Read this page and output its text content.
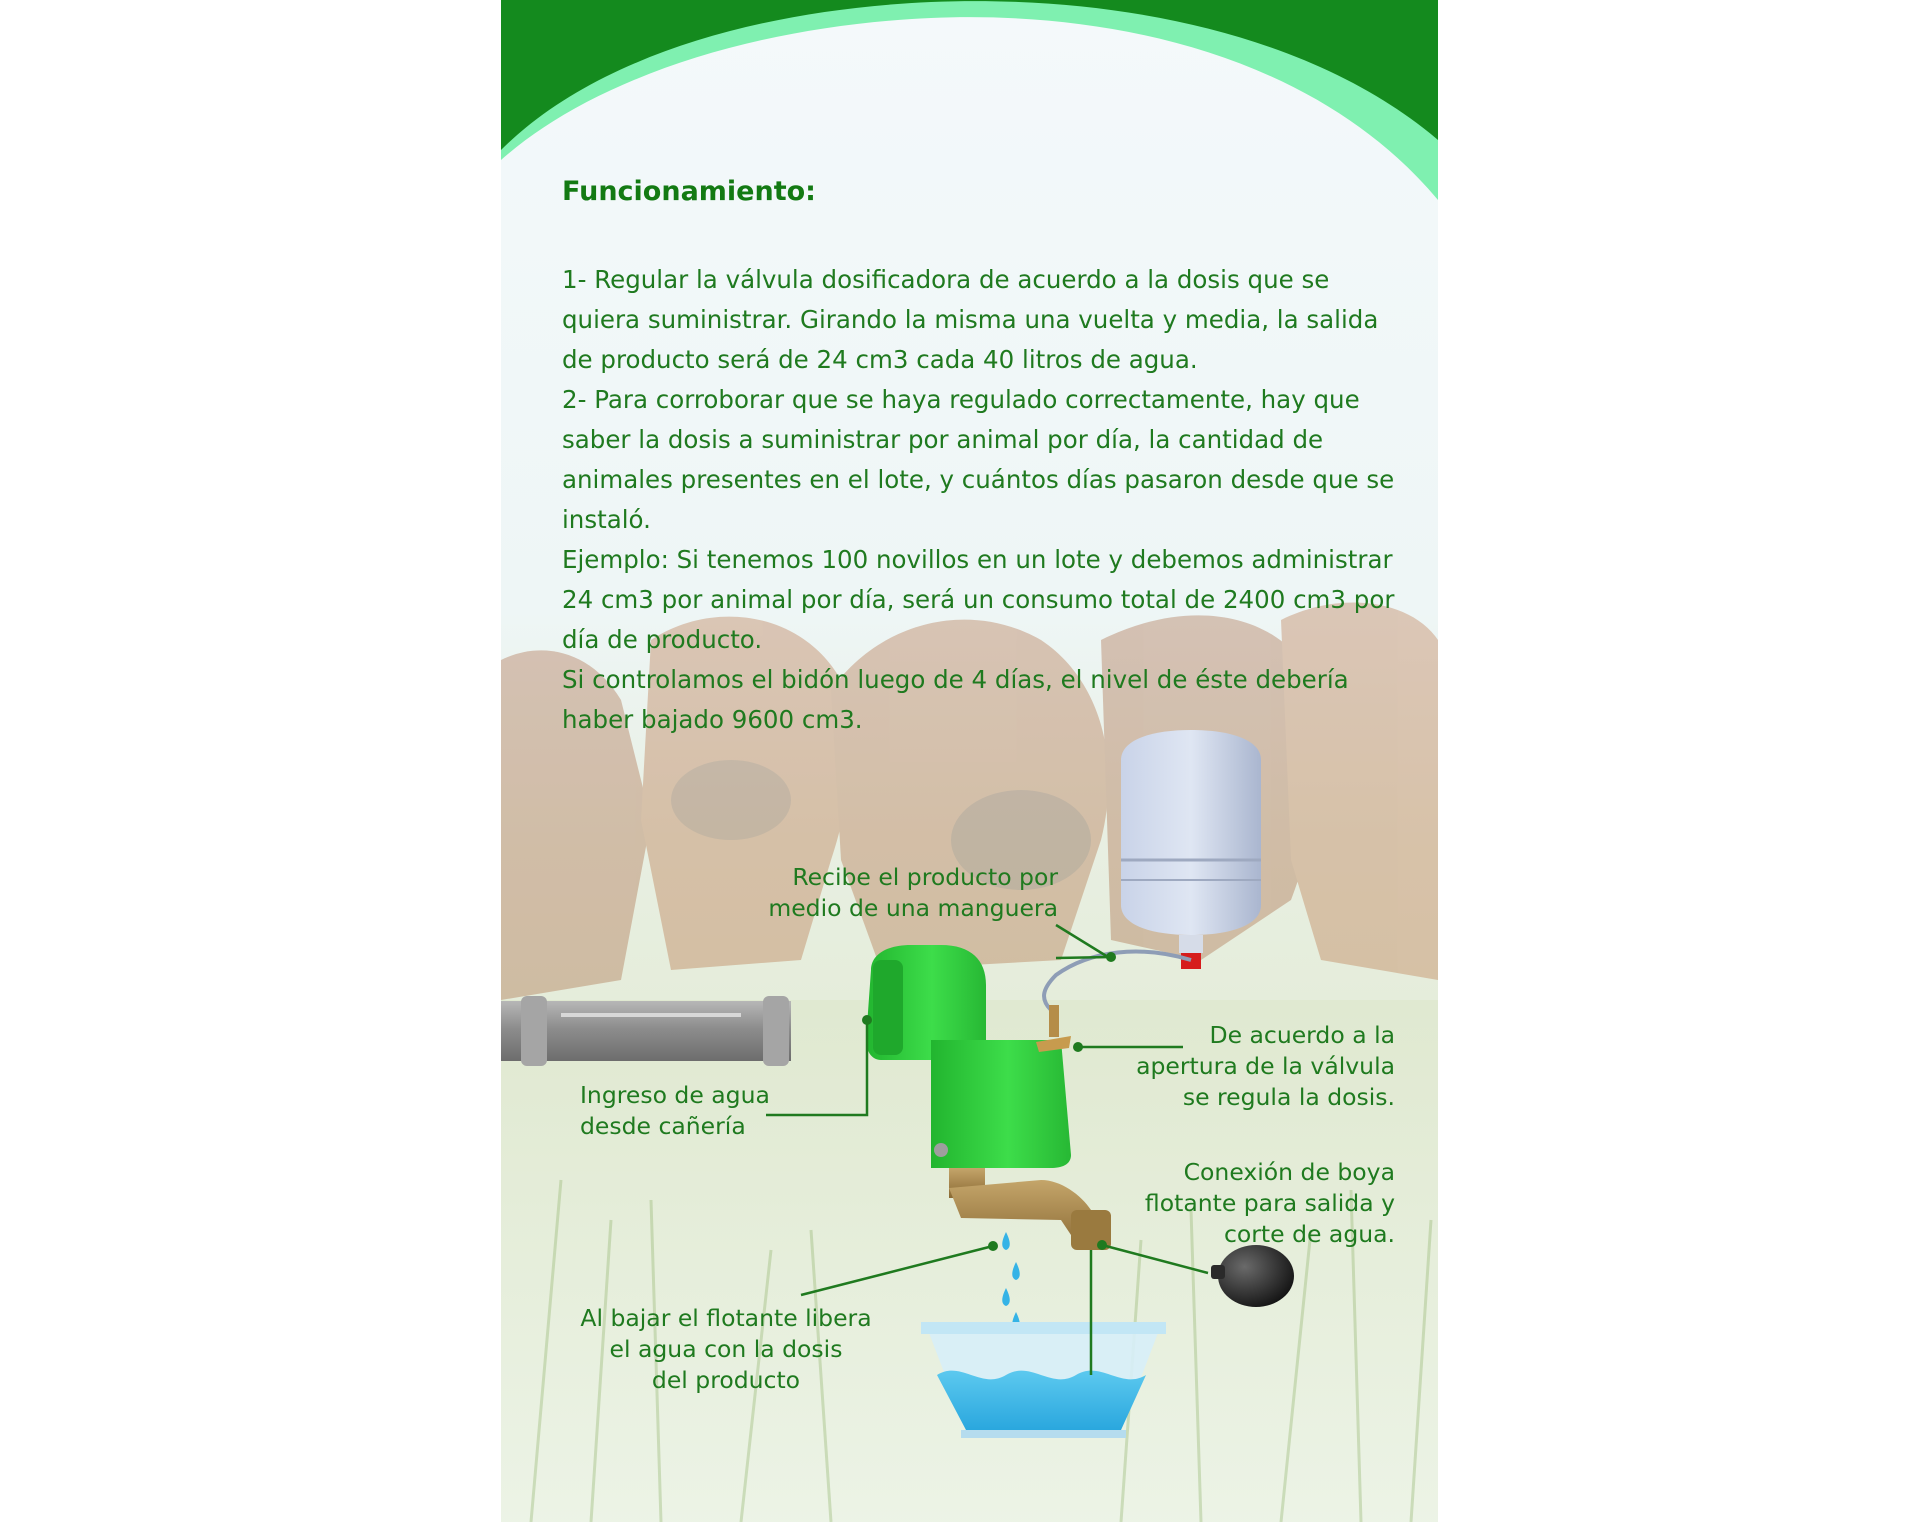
Funcionamiento:

1- Regular la válvula dosificadora de acuerdo a la dosis que se

quiera suministrar. Girando la misma una vuelta y media, la salida

de producto será de 24 cm3 cada 40 litros de agua.

2- Para corroborar que se haya regulado correctamente, hay que

saber la dosis a suministrar por animal por día, la cantidad de

animales presentes en el lote, y cuántos días pasaron desde que se

instaló.

Ejemplo: Si tenemos 100 novillos en un lote y debemos administrar

24 cm3 por animal por día, será un consumo total de 2400 cm3 por

día de producto.

Si controlamos el bidón luego de 4 días, el nivel de éste debería

haber bajado 9600 cm3.

Recibe el producto por
medio de una manguera
De acuerdo a la
apertura de la válvula
se regula la dosis.
Ingreso de agua
desde cañería
Conexión de boya
flotante para salida y
corte de agua.
Al bajar el flotante libera
el agua con la dosis
del producto
